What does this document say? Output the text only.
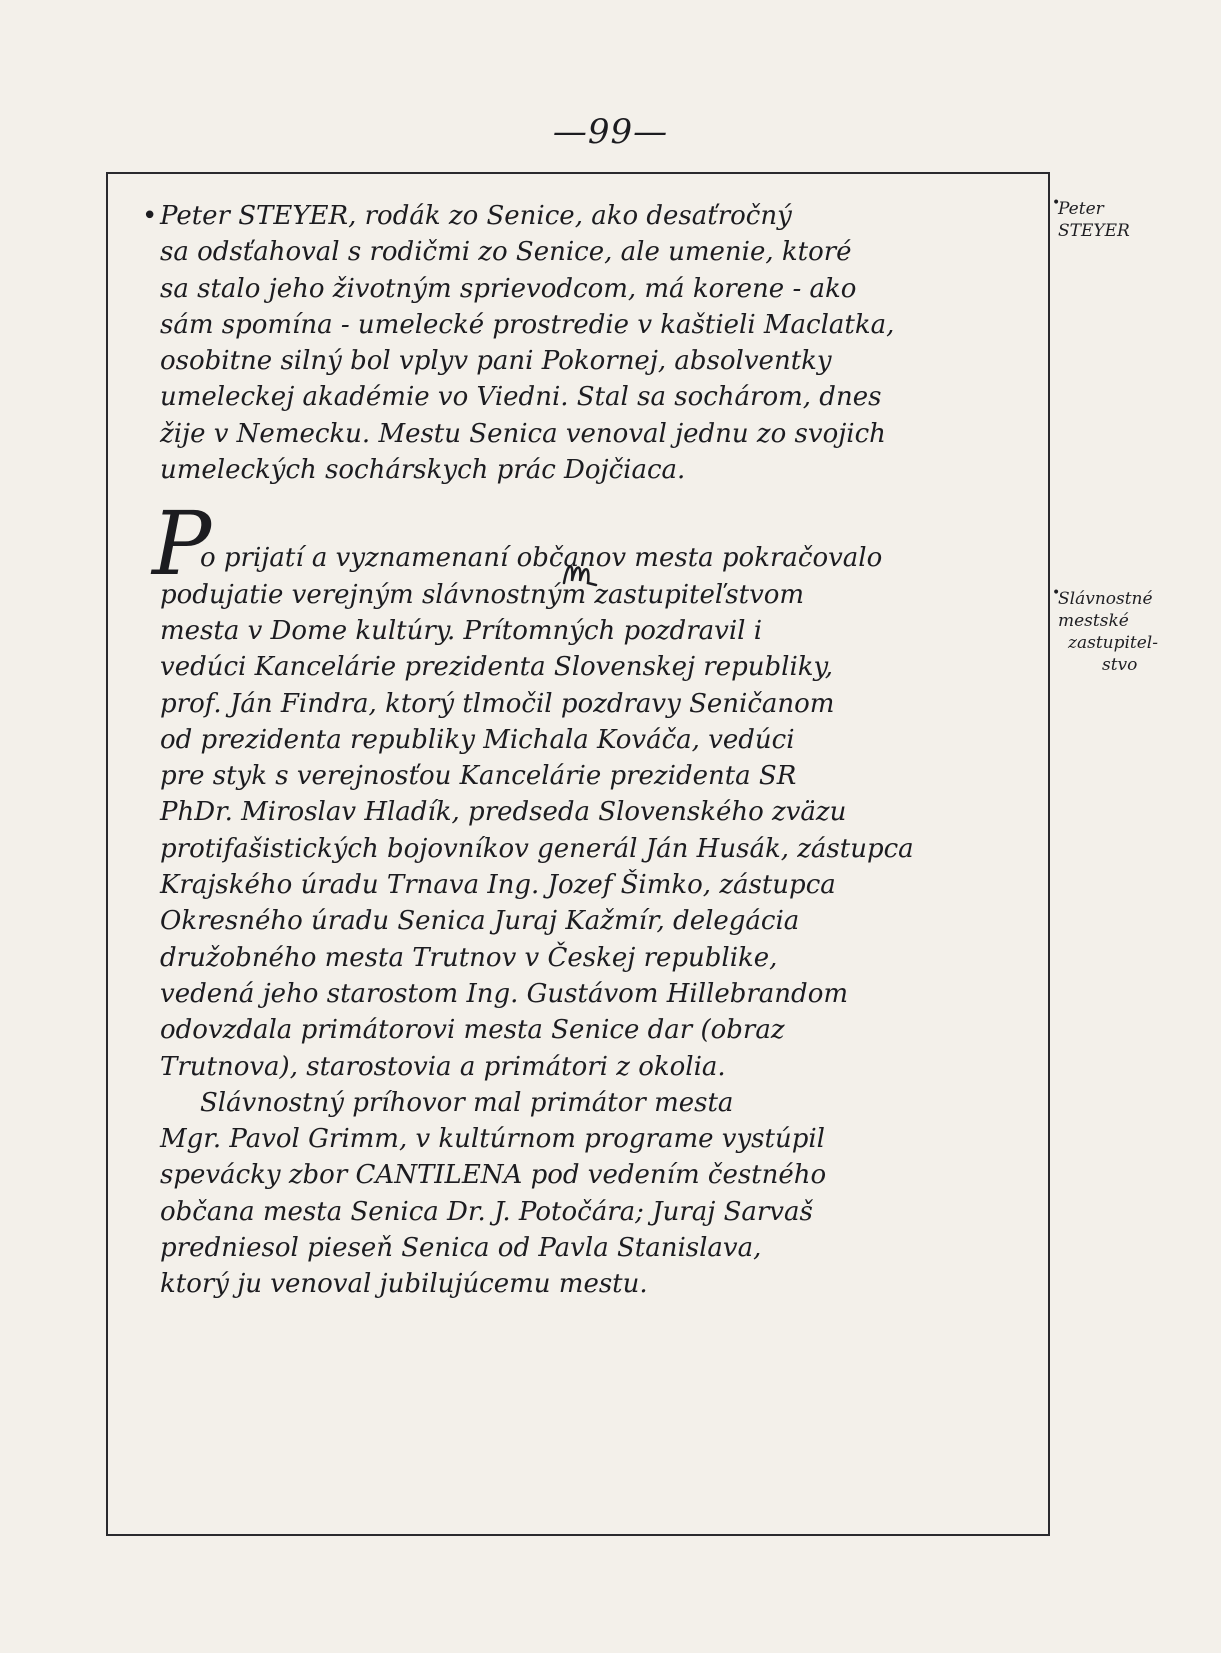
—99—
•
Peter
STEYER
•
Slávnostné
mestské
zastupitel-
stvo
• Peter STEYER, rodák zo Senice, ako desaťročný
sa odsťahoval s rodičmi zo Senice, ale umenie, ktoré
sa stalo jeho životným sprievodcom, má korene - ako
sám spomína - umelecké prostredie v kaštieli Maclatka,
osobitne silný bol vplyv pani Pokornej, absolventky
umeleckej akadémie vo Viedni. Stal sa sochárom, dnes
žije v Nemecku. Mestu Senica venoval jednu zo svojich
umeleckých sochárskych prác Dojčiaca.
P
o prijatí a vyznamenaní občanov mesta pokračovalo
podujatie verejným slávnostným zastupiteľstvom
mesta v Dome kultúry. Prítomných pozdravil i
vedúci Kancelárie prezidenta Slovenskej republiky,
prof. Ján Findra, ktorý tlmočil pozdravy Seničanom
od prezidenta republiky Michala Kováča, vedúci
pre styk s verejnosťou Kancelárie prezidenta SR
PhDr. Miroslav Hladík, predseda Slovenského zväzu
protifašistických bojovníkov generál Ján Husák, zástupca
Krajského úradu Trnava Ing. Jozef Šimko, zástupca
Okresného úradu Senica Juraj Kažmír, delegácia
družobného mesta Trutnov v Českej republike,
vedená jeho starostom Ing. Gustávom Hillebrandom
odovzdala primátorovi mesta Senice dar (obraz
Trutnova), starostovia a primátori z okolia.
Slávnostný príhovor mal primátor mesta
Mgr. Pavol Grimm, v kultúrnom programe vystúpil
spevácky zbor CANTILENA pod vedením čestného
občana mesta Senica Dr. J. Potočára; Juraj Sarvaš
predniesol pieseň Senica od Pavla Stanislava,
ktorý ju venoval jubilujúcemu mestu.
